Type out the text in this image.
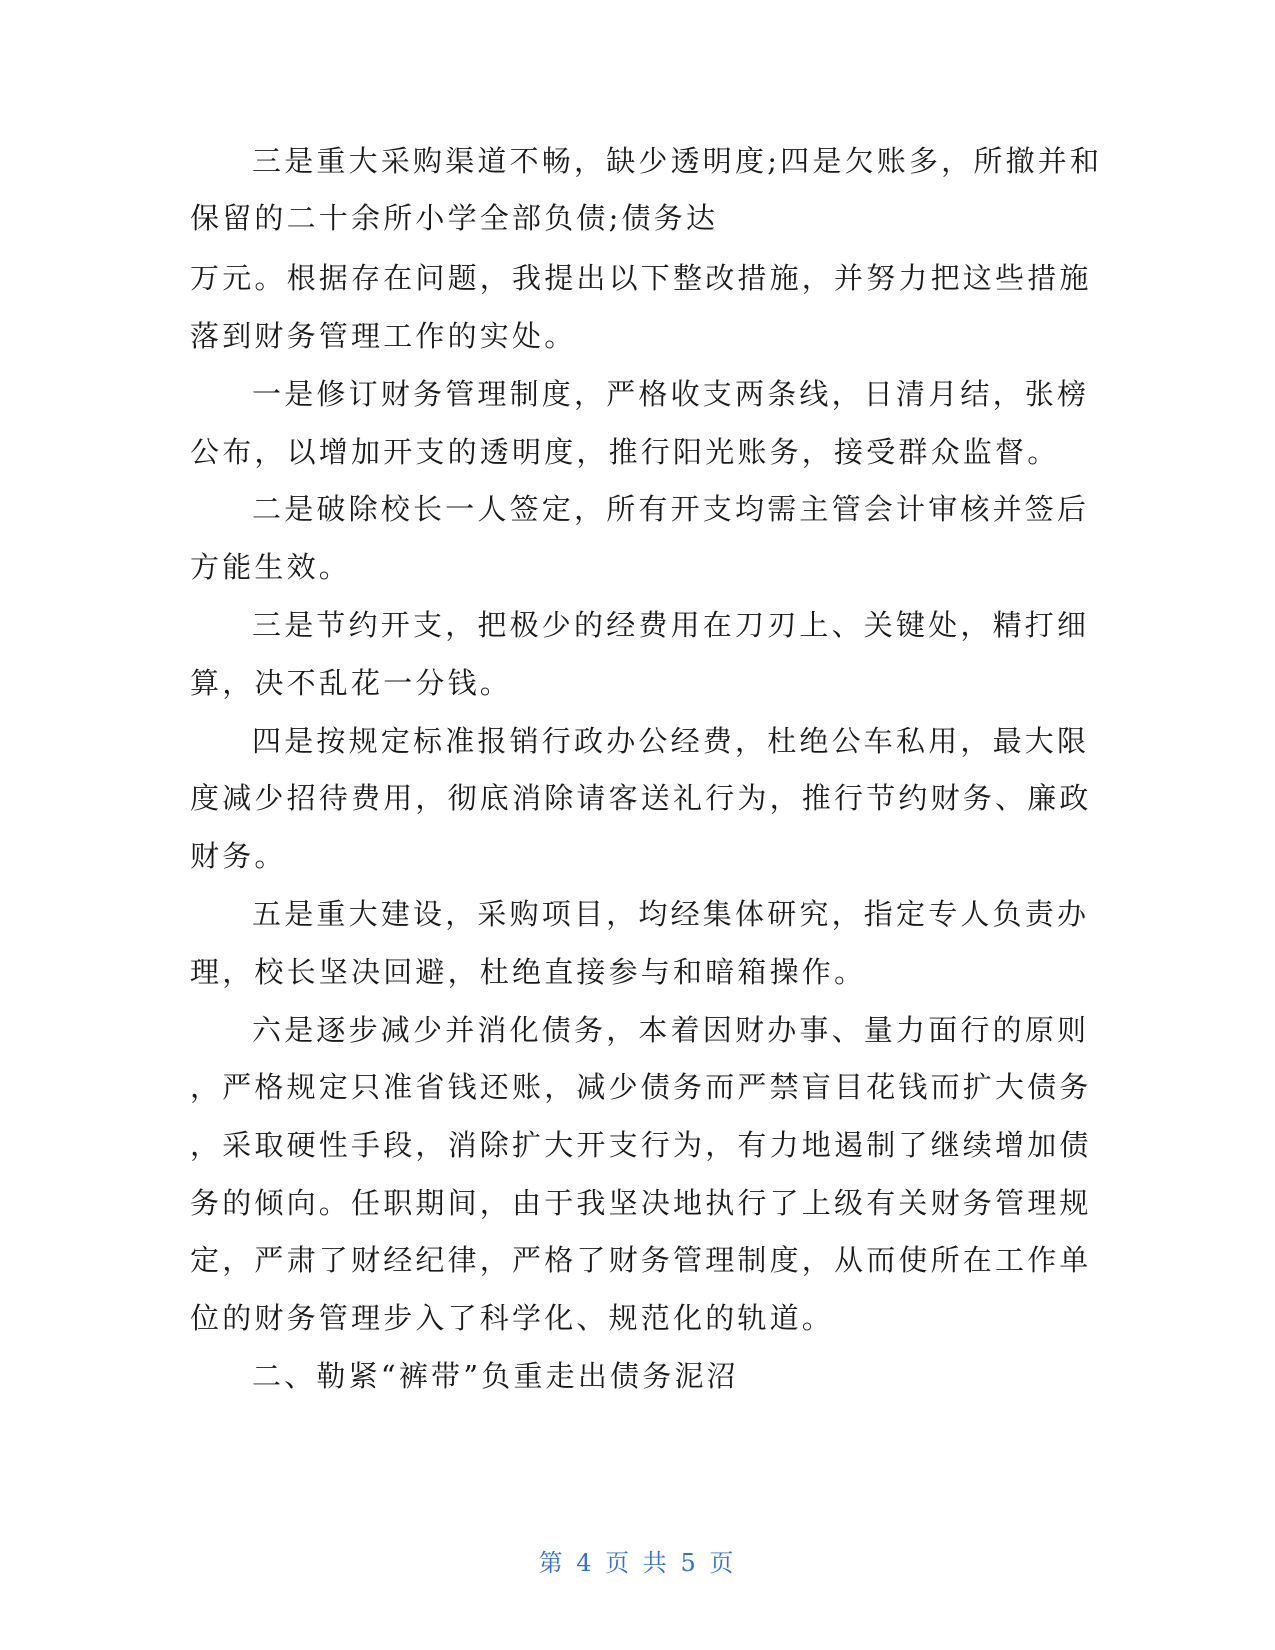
三是重大采购渠道不畅，缺少透明度;四是欠账多，所撤并和
保留的二十余所小学全部负债;债务达
万元。根据存在问题，我提出以下整改措施，并努力把这些措施
落到财务管理工作的实处。
一是修订财务管理制度，严格收支两条线，日清月结，张榜
公布，以增加开支的透明度，推行阳光账务，接受群众监督。
二是破除校长一人签定，所有开支均需主管会计审核并签后
方能生效。
三是节约开支，把极少的经费用在刀刃上、关键处，精打细
算，决不乱花一分钱。
四是按规定标准报销行政办公经费，杜绝公车私用，最大限
度减少招待费用，彻底消除请客送礼行为，推行节约财务、廉政
财务。
五是重大建设，采购项目，均经集体研究，指定专人负责办
理，校长坚决回避，杜绝直接参与和暗箱操作。
六是逐步减少并消化债务，本着因财办事、量力面行的原则
，严格规定只准省钱还账，减少债务而严禁盲目花钱而扩大债务
，采取硬性手段，消除扩大开支行为，有力地遏制了继续增加债
务的倾向。任职期间，由于我坚决地执行了上级有关财务管理规
定，严肃了财经纪律，严格了财务管理制度，从而使所在工作单
位的财务管理步入了科学化、规范化的轨道。
二、勒紧“裤带”负重走出债务泥沼
第 4 页 共 5 页
